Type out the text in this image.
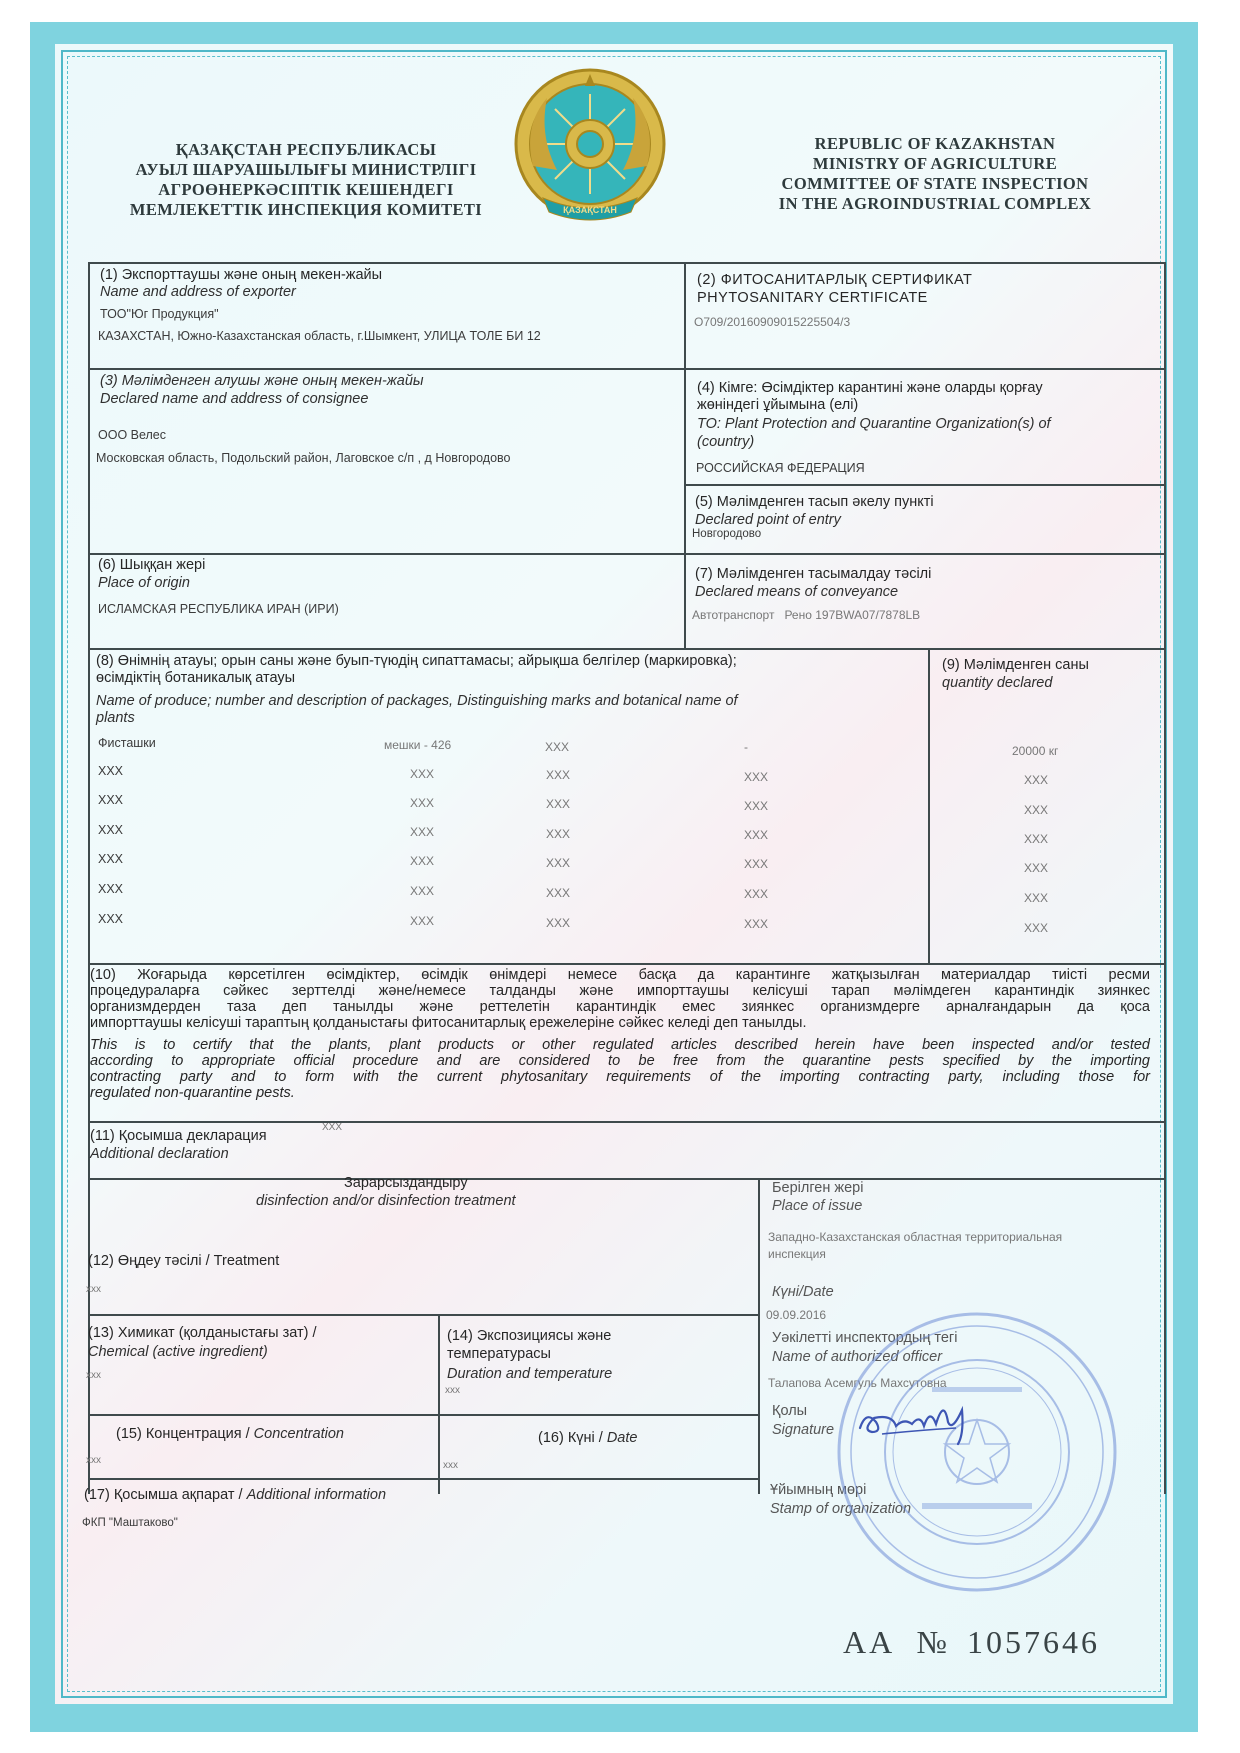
ҚАЗАҚСТАН РЕСПУБЛИКАСЫ
АУЫЛ ШАРУАШЫЛЫҒЫ МИНИСТРЛІГІ
АГРОӨНЕРКӘСІПТІК КЕШЕНДЕГІ
МЕМЛЕКЕТТІК ИНСПЕКЦИЯ КОМИТЕТІ	ҚАЗАҚСТАН
REPUBLIC OF KAZAKHSTAN
MINISTRY OF AGRICULTURE
COMMITTEE OF STATE INSPECTION
IN THE AGROINDUSTRIAL COMPLEX
(1) Экспорттаушы және оның мекен-жайы
Name and address of exporter
ТОО"Юг Продукция"
КАЗАХСТАН, Южно-Казахстанская область, г.Шымкент, УЛИЦА ТОЛЕ БИ 12
(2) ФИТОСАНИТАРЛЫҚ СЕРТИФИКАТ
PHYTOSANITARY CERTIFICATE
О709/20160909015225504/3
(3) Мәлімденген алушы және оның мекен-жайы
Declared name and address of consignee
ООО Велес
Московская область, Подольский район, Лаговское с/п , д Новгородово
(4) Кімге: Өсімдіктер карантині және оларды қорғау
жөніндегі ұйымына (елі)
TO: Plant Protection and Quarantine Organization(s) of
(country)
РОССИЙСКАЯ ФЕДЕРАЦИЯ
(5) Мәлімденген тасып әкелу пункті
Declared point of entry
Новгородово
(6) Шыққан жері
Place of origin
ИСЛАМСКАЯ РЕСПУБЛИКА ИРАН (ИРИ)
(7) Мәлімденген тасымалдау тәсілі
Declared means of conveyance
Автотранспорт   Рено 197BWA07/7878LB
(8) Өнімнің атауы; орын саны және буып-түюдің сипаттамасы; айрықша белгілер (маркировка);
өсімдіктің ботаникалық атауы
Name of produce; number and description of packages, Distinguishing marks and botanical name of
plants
Фисташки	мешки - 426	XXX	-
XXX	XXX	XXX	XXX
XXX	XXX	XXX	XXX
XXX	XXX	XXX	XXX
XXX	XXX	XXX	XXX
XXX	XXX	XXX	XXX
XXX	XXX	XXX	XXX
(9) Мәлімденген саны
quantity declared
20000 кг
XXX
XXX
XXX
XXX
XXX
XXX
(10) Жоғарыда көрсетілген өсімдіктер, өсімдік өнімдері немесе басқа да карантинге жатқызылған материалдар тиісті ресми
процедураларға сәйкес зерттелді және/немесе талданды және импорттаушы келісуші тарап мәлімдеген карантиндік зиянкес
организмдерден таза деп танылды және реттелетін карантиндік емес зиянкес организмдерге арналғандарын да қоса
импорттаушы келісуші тараптың қолданыстағы фитосанитарлық ережелеріне сәйкес келеді деп танылды.
This is to certify that the plants, plant products or other regulated articles described herein have been inspected and/or tested
according to appropriate official procedure and are considered to be free from the quarantine pests specified by the importing
contracting party and to form with the current phytosanitary requirements of the importing contracting party, including those for
regulated non-quarantine pests.
(11) Қосымша декларация
Additional declaration
XXX
Зарарсыздандыру
disinfection and/or disinfection treatment
(12) Өңдеу тәсілі / Treatment
xxx
(13) Химикат (қолданыстағы зат) /
Chemical (active ingredient)
xxx
(14) Экспозициясы және
температурасы
Duration and temperature
xxx
(15) Концентрация / Concentration
xxx
(16) Күні / Date
xxx
(17) Қосымша ақпарат / Additional information
ФКП "Маштаково"
Берілген жері
Place of issue
Западно-Казахстанская областная территориальная
инспекция
Күні/Date
09.09.2016
Уәкілетті инспектордың тегі
Name of authorized officer
Талапова Асемгуль Махсутовна
Қолы
Signature
Ұйымның мөрі
Stamp of organization
AA № 1057646
